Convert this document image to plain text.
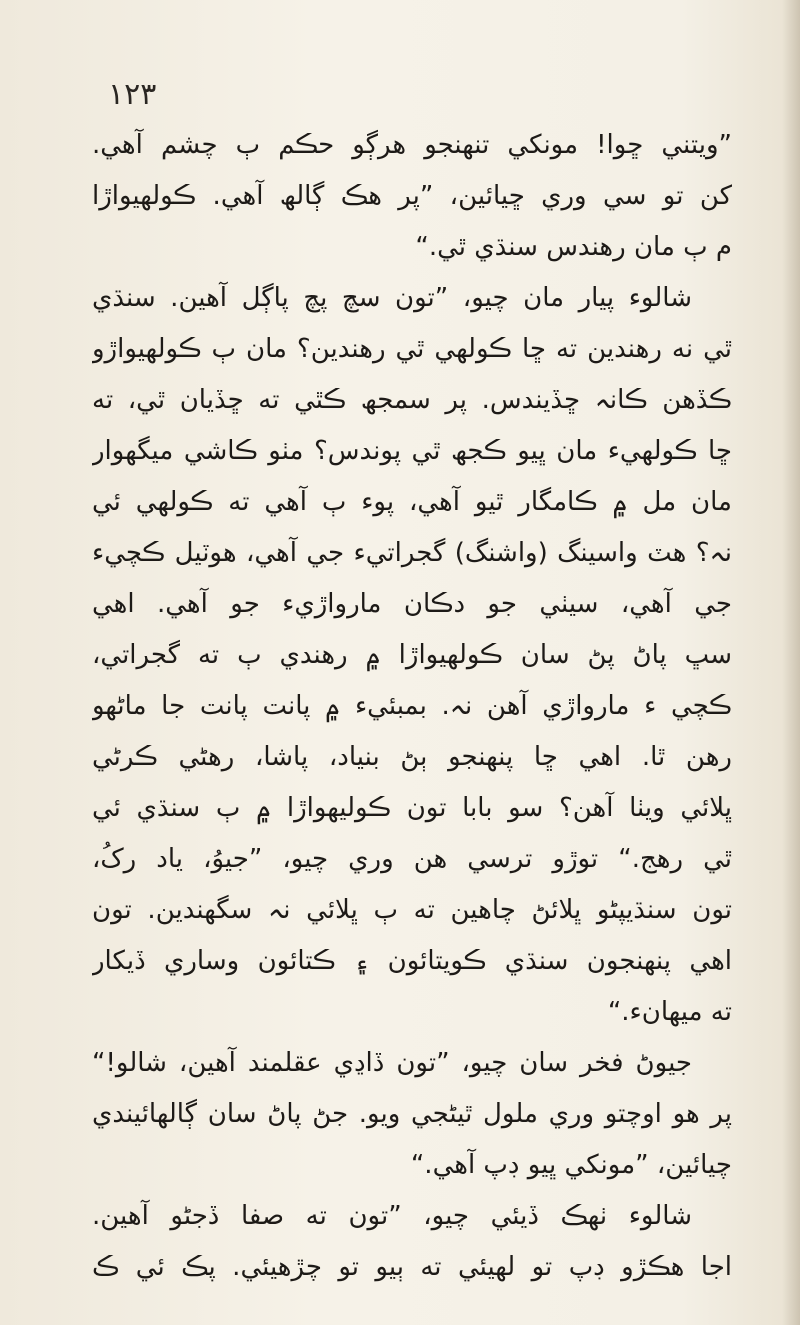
١٢٣
”ويتني ڇوا! مونکي تنھنجو ھرڳو حڪم ٻ چشم آھي.
کن تو سي وري ڇيائين، ”پر ھڪ ڳالھ آھي. ڪولھيواڙا
م ٻ مان رھندس سنڌي ٿي.“
شالوء پيار مان چيو، ”تون سچ پچ پاڳل آھين. سنڌي
ٿي نه رھندين ته ڇا ڪولھي ٿي رھندين؟ مان ٻ ڪولھيواڙو
ڪڏھن ڪانہ ڇڏيندس. پر سمجھ ڪٿي ته ڇڏيان ٿي، ته
ڇا ڪولھيء مان ڀيو ڪجھ ٿي پوندس؟ مٺو ڪاشي ميگھوار
مان مل ۾ ڪامگار ٿيو آھي، پوء ٻ آھي ته ڪولھي ئي
نہ؟ ھٽ واسينگ (واشنگ) گجراتيء جي آھي، ھوٽيل ڪچيء
جي آھي، سيٺي جو دڪان مارواڙيء جو آھي. اھي
سڀ پاڻ پڻ سان ڪولھيواڙا ۾ رھندي ٻ ته گجراتي،
ڪچي ء مارواڙي آھن نہ. بمبئيء ۾ پانت پانت جا ماڻھو
رھن ٿا. اھي ڇا پنھنجو ٻڻ بنياد، پاشا، رھڻي ڪرڻي
ڀلائي ويٺا آھن؟ سو بابا تون ڪوليھواڙا ۾ ٻ سنڌي ئي
ٿي رھج.“ توڙو ترسي ھن وري چيو، ”جيوُ، ياد رکُ،
تون سنڌيپڻو ڀلائڻ چاھين ته ٻ ڀلائي نہ سگھندين. تون
اھي پنھنجون سنڌي ڪويتائون ۽ ڪتائون وساري ڏيکار
ته ميهانء.“
جيوڻ فخر سان چيو، ”تون ڏاڍي عقلمند آھين، شالو!“
پر ھو اوچتو وري ملول ٿيڻجي ويو. جڻ پاڻ سان ڳالھائيندي
چيائين، ”مونکي ڀيو ڊپ آھي.“
شالوء ٺهڪ ڏيئي چيو، ”تون ته صفا ڏجڻو آھين.
اجا ھڪڙو ڊپ تو لھيئي ته ٻيو تو چڙھيئي. پڪ ئي ڪ
